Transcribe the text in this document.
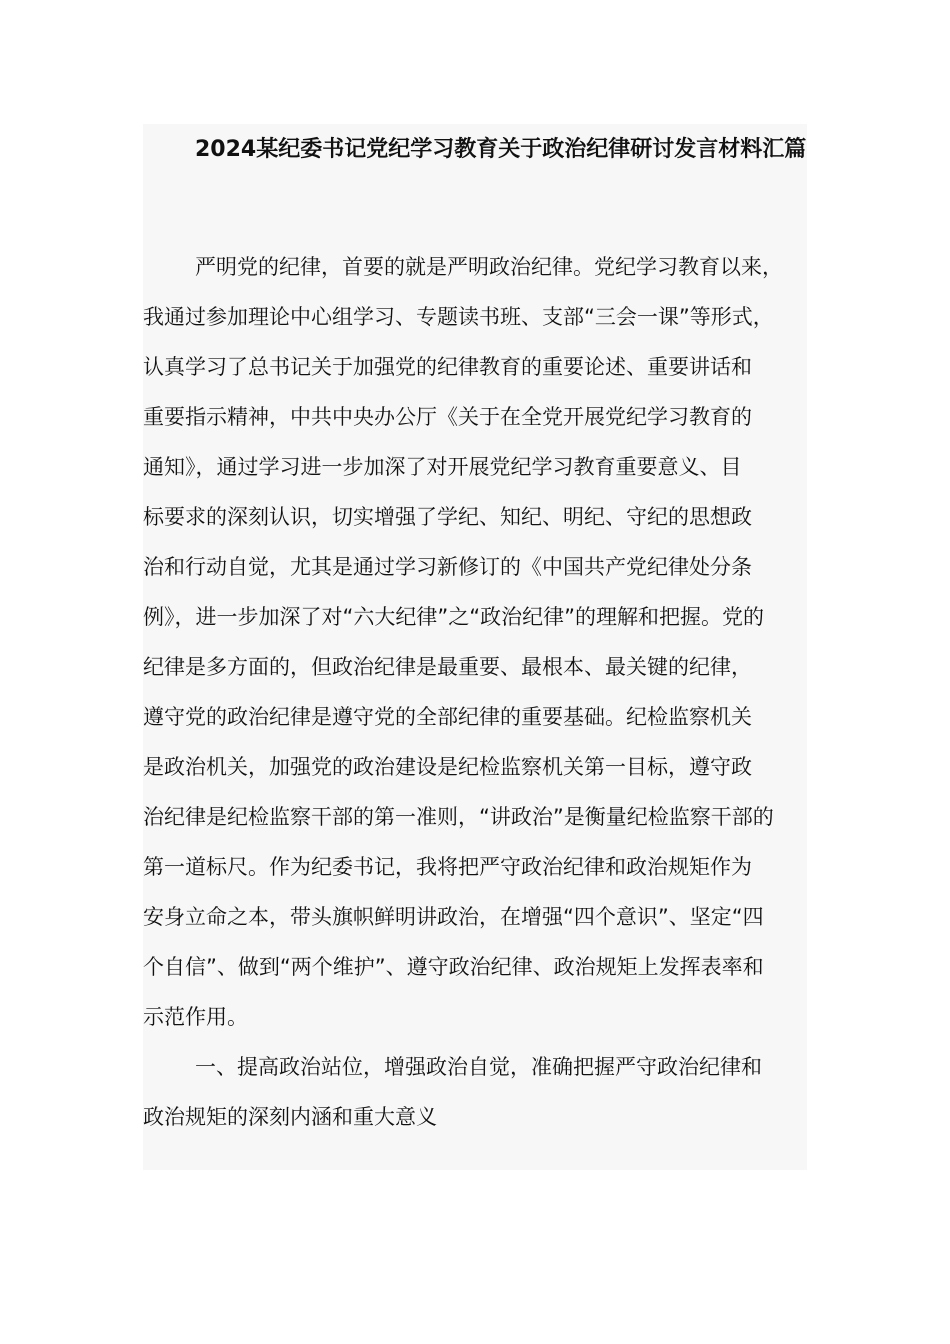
2024某纪委书记党纪学习教育关于政治纪律研讨发言材料汇篇

严明党的纪律，首要的就是严明政治纪律。党纪学习教育以来，
我通过参加理论中心组学习、专题读书班、支部“三会一课”等形式，
认真学习了总书记关于加强党的纪律教育的重要论述、重要讲话和
重要指示精神，中共中央办公厅《关于在全党开展党纪学习教育的
通知》，通过学习进一步加深了对开展党纪学习教育重要意义、目
标要求的深刻认识，切实增强了学纪、知纪、明纪、守纪的思想政
治和行动自觉，尤其是通过学习新修订的《中国共产党纪律处分条
例》，进一步加深了对“六大纪律”之“政治纪律”的理解和把握。党的
纪律是多方面的，但政治纪律是最重要、最根本、最关键的纪律，
遵守党的政治纪律是遵守党的全部纪律的重要基础。纪检监察机关
是政治机关，加强党的政治建设是纪检监察机关第一目标，遵守政
治纪律是纪检监察干部的第一准则，“讲政治”是衡量纪检监察干部的
第一道标尺。作为纪委书记，我将把严守政治纪律和政治规矩作为
安身立命之本，带头旗帜鲜明讲政治，在增强“四个意识”、坚定“四
个自信”、做到“两个维护”、遵守政治纪律、政治规矩上发挥表率和
示范作用。

一、提高政治站位，增强政治自觉，准确把握严守政治纪律和
政治规矩的深刻内涵和重大意义
